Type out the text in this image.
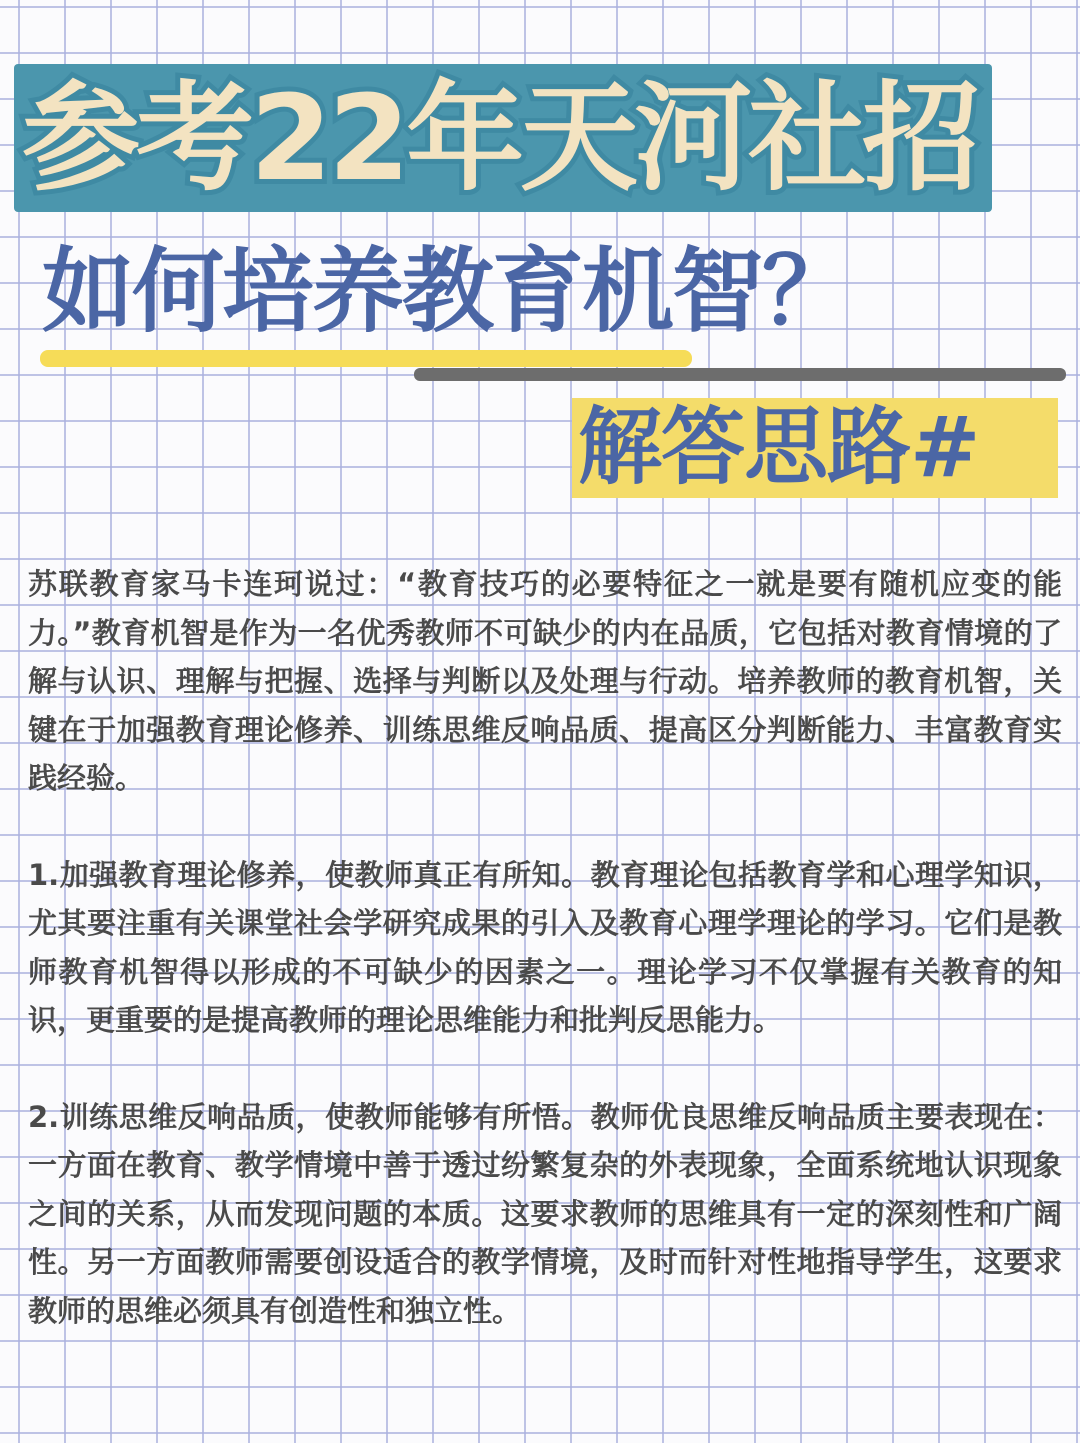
参考22年天河社招
如何培养教育机智？
解答思路#

苏联教育家马卡连珂说过：“教育技巧的必要特征之一就是要有随机应变的能力。”教育机智是作为一名优秀教师不可缺少的内在品质，它包括对教育情境的了解与认识、理解与把握、选择与判断以及处理与行动。培养教师的教育机智，关键在于加强教育理论修养、训练思维反响品质、提高区分判断能力、丰富教育实践经验。

1.加强教育理论修养，使教师真正有所知。教育理论包括教育学和心理学知识，尤其要注重有关课堂社会学研究成果的引入及教育心理学理论的学习。它们是教师教育机智得以形成的不可缺少的因素之一。理论学习不仅掌握有关教育的知识，更重要的是提高教师的理论思维能力和批判反思能力。

2.训练思维反响品质，使教师能够有所悟。教师优良思维反响品质主要表现在：一方面在教育、教学情境中善于透过纷繁复杂的外表现象，全面系统地认识现象之间的关系，从而发现问题的本质。这要求教师的思维具有一定的深刻性和广阔性。另一方面教师需要创设适合的教学情境，及时而针对性地指导学生，这要求教师的思维必须具有创造性和独立性。
